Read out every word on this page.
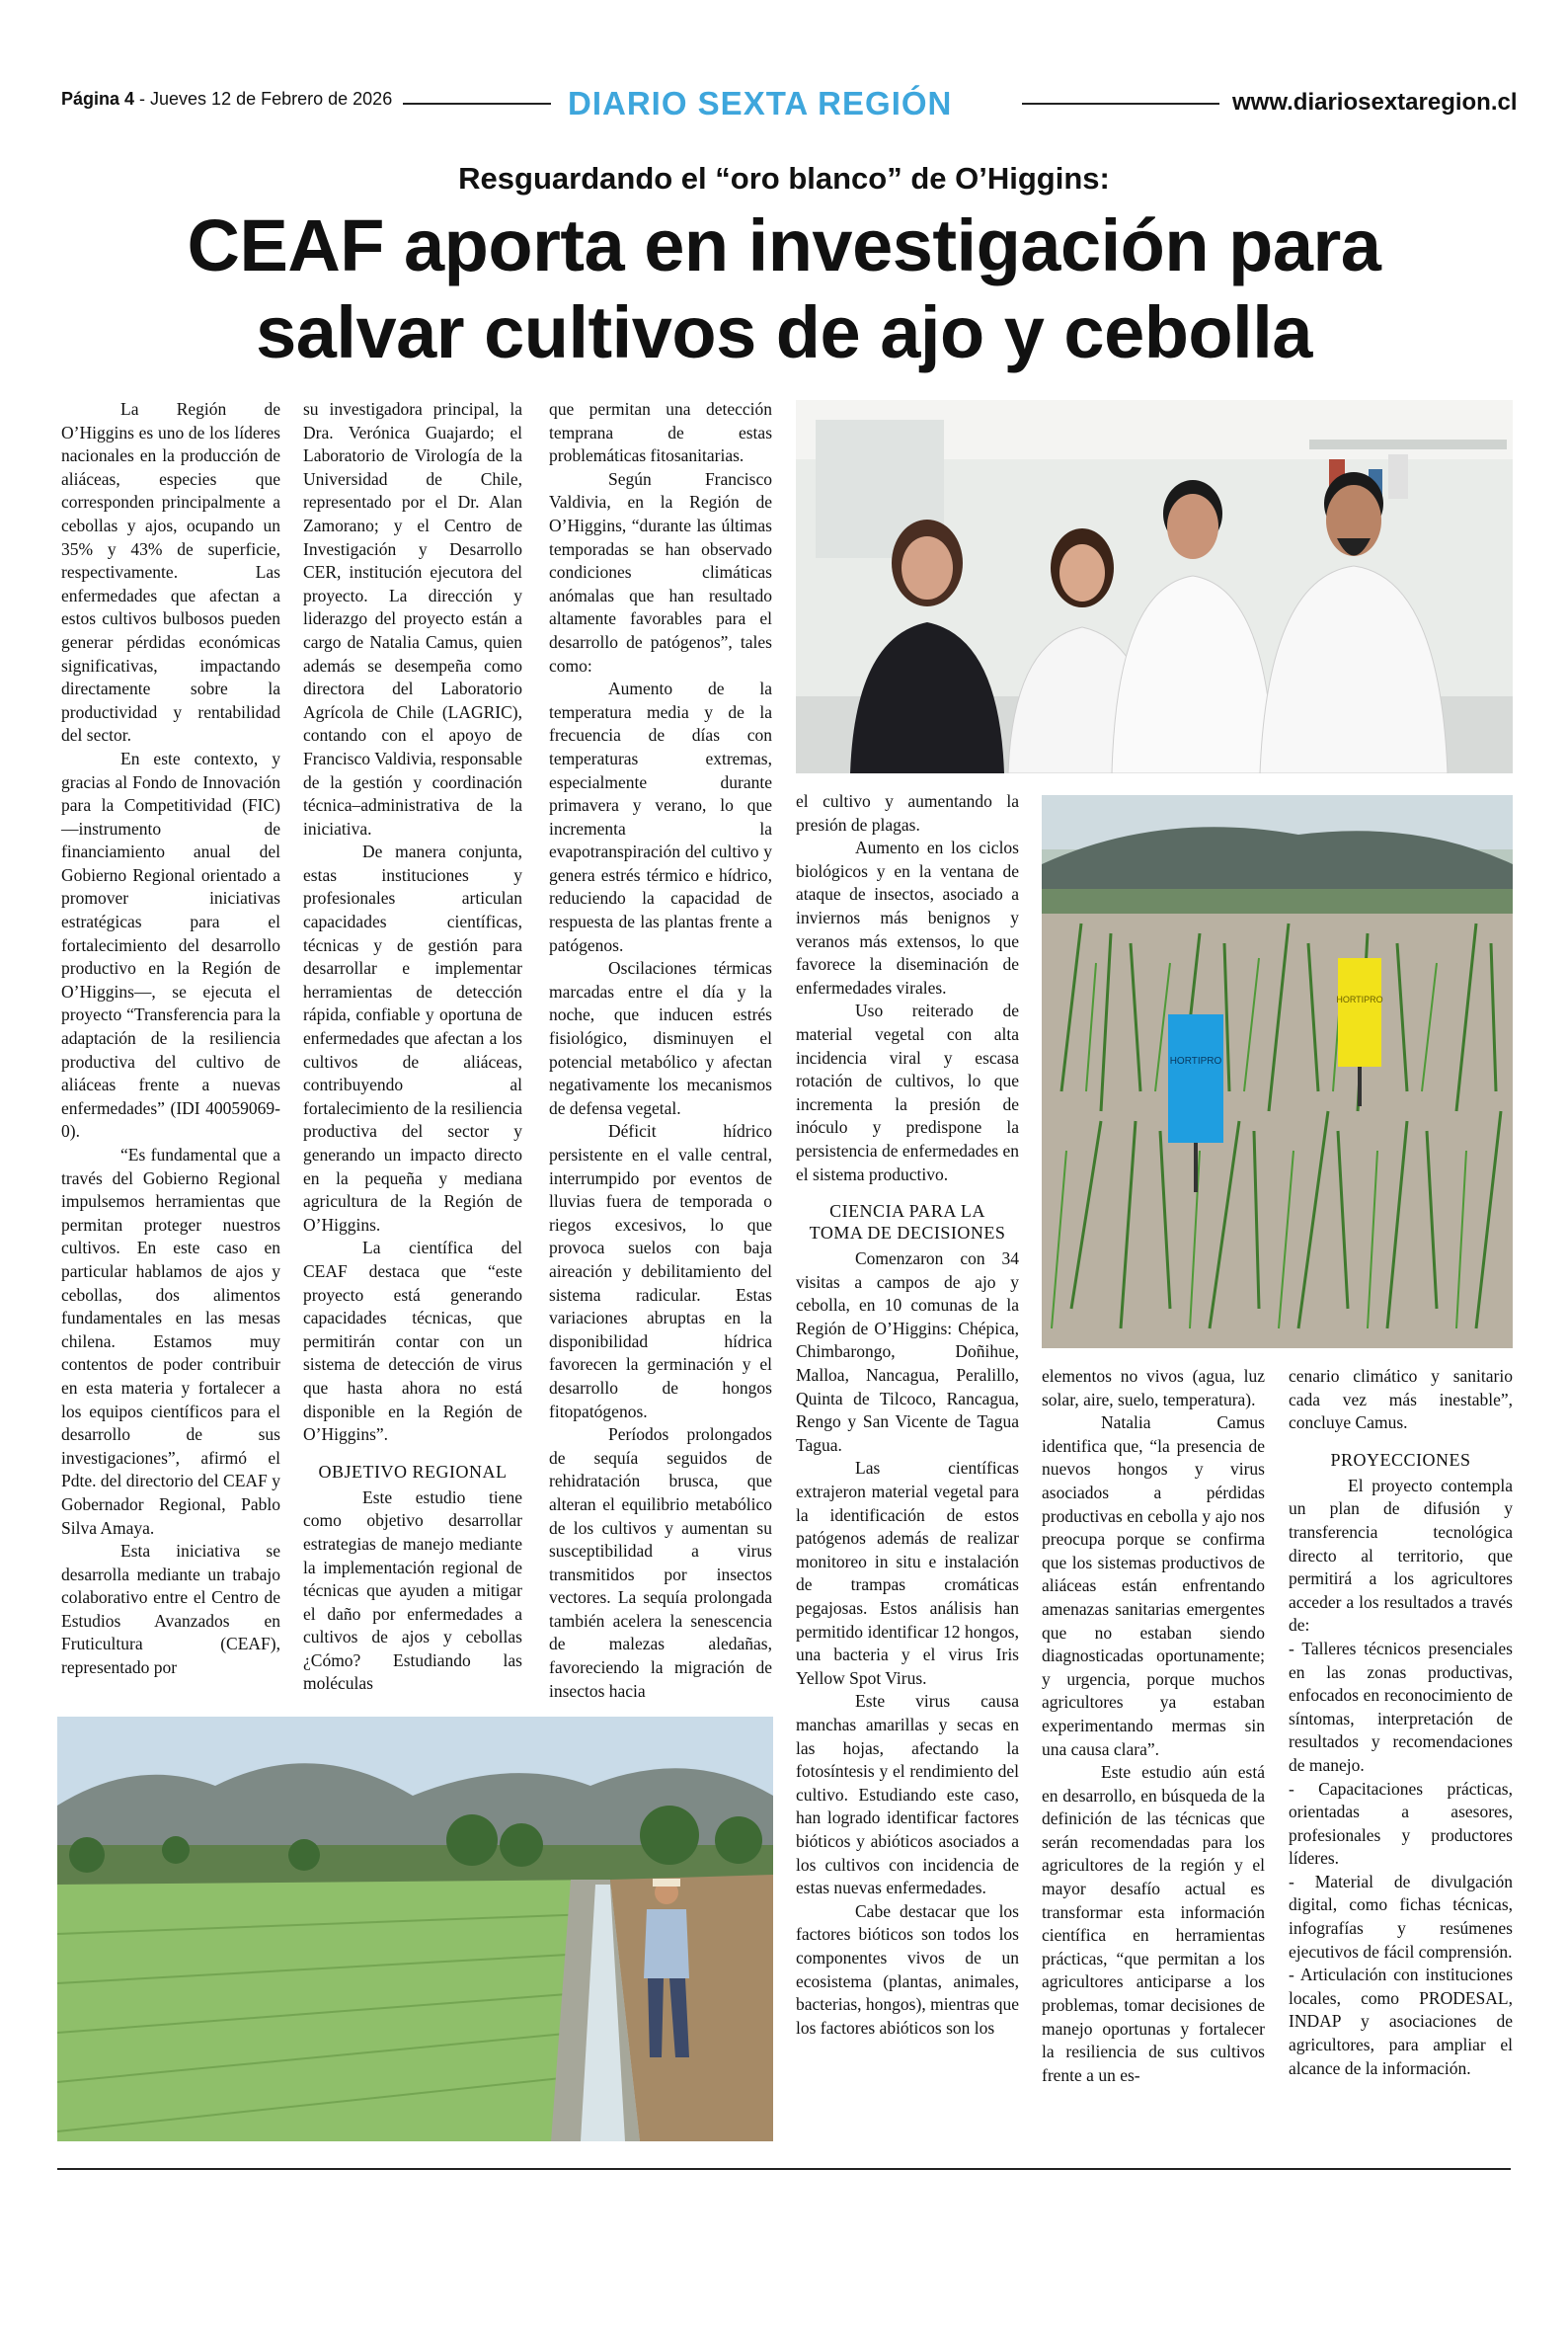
Página 4 - Jueves 12 de Febrero de 2026	DIARIO SEXTA REGIÓN	www.diariosextaregion.cl
Resguardando el “oro blanco” de O’Higgins:
CEAF aporta en investigación para
salvar cultivos de ajo y cebolla

La Región de O’Higgins es uno de los líderes nacionales en la producción de aliáceas, especies que corresponden principalmente a cebollas y ajos, ocupando un 35% y 43% de superficie, respectivamente. Las enfermedades que afectan a estos cultivos bulbosos pueden generar pérdidas económicas significativas, impactando directamente sobre la productividad y rentabilidad del sector.

En este contexto, y gracias al Fondo de Innovación para la Competitividad (FIC) —instrumento de financiamiento anual del Gobierno Regional orientado a promover iniciativas estratégicas para el fortalecimiento del desarrollo productivo en la Región de O’Higgins—, se ejecuta el proyecto “Transferencia para la adaptación de la resiliencia productiva del cultivo de aliáceas frente a nuevas enfermedades” (IDI 40059069-0).

“Es fundamental que a través del Gobierno Regional impulsemos herramientas que permitan proteger nuestros cultivos. En este caso en particular hablamos de ajos y cebollas, dos alimentos fundamentales en las mesas chilena. Estamos muy contentos de poder contribuir en esta materia y fortalecer a los equipos científicos para el desarrollo de sus investigaciones”, afirmó el Pdte. del directorio del CEAF y Gobernador Regional, Pablo Silva Amaya.

Esta iniciativa se desarrolla mediante un trabajo colaborativo entre el Centro de Estudios Avanzados en Fruticultura (CEAF), representado por

su investigadora principal, la Dra. Verónica Guajardo; el Laboratorio de Virología de la Universidad de Chile, representado por el Dr. Alan Zamorano; y el Centro de Investigación y Desarrollo CER, institución ejecutora del proyecto. La dirección y liderazgo del proyecto están a cargo de Natalia Camus, quien además se desempeña como directora del Laboratorio Agrícola de Chile (LAGRIC), contando con el apoyo de Francisco Valdivia, responsable de la gestión y coordinación técnica–administrativa de la iniciativa.

De manera conjunta, estas instituciones y profesionales articulan capacidades científicas, técnicas y de gestión para desarrollar e implementar herramientas de detección rápida, confiable y oportuna de enfermedades que afectan a los cultivos de aliáceas, contribuyendo al fortalecimiento de la resiliencia productiva del sector y generando un impacto directo en la pequeña y mediana agricultura de la Región de O’Higgins.

La científica del CEAF destaca que “este proyecto está generando capacidades técnicas, que permitirán contar con un sistema de detección de virus que hasta ahora no está disponible en la Región de O’Higgins”.

OBJETIVO REGIONAL

Este estudio tiene como objetivo desarrollar estrategias de manejo mediante la implementación regional de técnicas que ayuden a mitigar el daño por enfermedades a cultivos de ajos y cebollas ¿Cómo? Estudiando las moléculas

que permitan una detección temprana de estas problemáticas fitosanitarias.

Según Francisco Valdivia, en la Región de O’Higgins, “durante las últimas temporadas se han observado condiciones climáticas anómalas que han resultado altamente favorables para el desarrollo de patógenos”, tales como:

Aumento de la temperatura media y de la frecuencia de días con temperaturas extremas, especialmente durante primavera y verano, lo que incrementa la evapotranspiración del cultivo y genera estrés térmico e hídrico, reduciendo la capacidad de respuesta de las plantas frente a patógenos.

Oscilaciones térmicas marcadas entre el día y la noche, que inducen estrés fisiológico, disminuyen el potencial metabólico y afectan negativamente los mecanismos de defensa vegetal.

Déficit hídrico persistente en el valle central, interrumpido por eventos de lluvias fuera de temporada o riegos excesivos, lo que provoca suelos con baja aireación y debilitamiento del sistema radicular. Estas variaciones abruptas en la disponibilidad hídrica favorecen la germinación y el desarrollo de hongos fitopatógenos.

Períodos prolongados de sequía seguidos de rehidratación brusca, que alteran el equilibrio metabólico de los cultivos y aumentan su susceptibilidad a virus transmitidos por insectos vectores. La sequía prolongada también acelera la senescencia de malezas aledañas, favoreciendo la migración de insectos hacia

el cultivo y aumentando la presión de plagas.

Aumento en los ciclos biológicos y en la ventana de ataque de insectos, asociado a inviernos más benignos y veranos más extensos, lo que favorece la diseminación de enfermedades virales.

Uso reiterado de material vegetal con alta incidencia viral y escasa rotación de cultivos, lo que incrementa la presión de inóculo y predispone la persistencia de enfermedades en el sistema productivo.

CIENCIA PARA LA
TOMA DE DECISIONES

Comenzaron con 34 visitas a campos de ajo y cebolla, en 10 comunas de la Región de O’Higgins: Chépica, Chimbarongo, Doñihue, Malloa, Nancagua, Peralillo, Quinta de Tilcoco, Rancagua, Rengo y San Vicente de Tagua Tagua.

Las científicas extrajeron material vegetal para la identificación de estos patógenos además de realizar monitoreo in situ e instalación de trampas cromáticas pegajosas. Estos análisis han permitido identificar 12 hongos, una bacteria y el virus Iris Yellow Spot Virus.

Este virus causa manchas amarillas y secas en las hojas, afectando la fotosíntesis y el rendimiento del cultivo. Estudiando este caso, han logrado identificar factores bióticos y abióticos asociados a los cultivos con incidencia de estas nuevas enfermedades.

Cabe destacar que los factores bióticos son todos los componentes vivos de un ecosistema (plantas, animales, bacterias, hongos), mientras que los factores abióticos son los

HORTIPRO
HORTIPRO

elementos no vivos (agua, luz solar, aire, suelo, temperatura).

Natalia Camus identifica que, “la presencia de nuevos hongos y virus asociados a pérdidas productivas en cebolla y ajo nos preocupa porque se confirma que los sistemas productivos de aliáceas están enfrentando amenazas sanitarias emergentes que no estaban siendo diagnosticadas oportunamente; y urgencia, porque muchos agricultores ya estaban experimentando mermas sin una causa clara”.

Este estudio aún está en desarrollo, en búsqueda de la definición de las técnicas que serán recomendadas para los agricultores de la región y el mayor desafío actual es transformar esta información científica en herramientas prácticas, “que permitan a los agricultores anticiparse a los problemas, tomar decisiones de manejo oportunas y fortalecer la resiliencia de sus cultivos frente a un es-

cenario climático y sanitario cada vez más inestable”, concluye Camus.

PROYECCIONES

El proyecto contempla un plan de difusión y transferencia tecnológica directo al territorio, que permitirá a los agricultores acceder a los resultados a través de:

- Talleres técnicos presenciales en las zonas productivas, enfocados en reconocimiento de síntomas, interpretación de resultados y recomendaciones de manejo.

- Capacitaciones prácticas, orientadas a asesores, profesionales y productores líderes.

- Material de divulgación digital, como fichas técnicas, infografías y resúmenes ejecutivos de fácil comprensión.

- Articulación con instituciones locales, como PRODESAL, INDAP y asociaciones de agricultores, para ampliar el alcance de la información.
